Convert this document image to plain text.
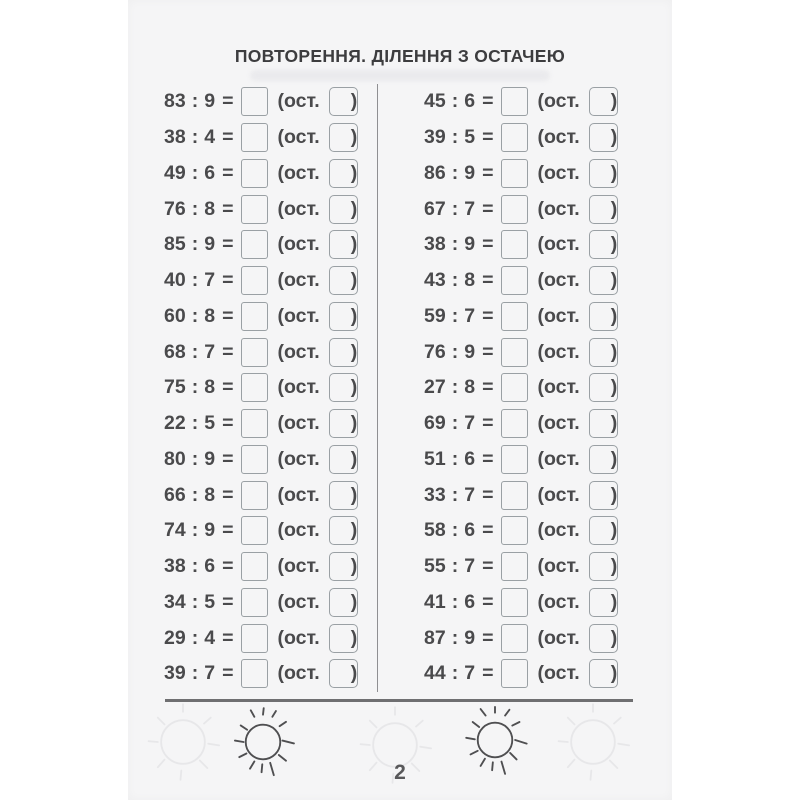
ПОВТОРЕННЯ. ДІЛЕННЯ З ОСТАЧЕЮ
83 : 9 = (ост. )
38 : 4 = (ост. )
49 : 6 = (ост. )
76 : 8 = (ост. )
85 : 9 = (ост. )
40 : 7 = (ост. )
60 : 8 = (ост. )
68 : 7 = (ост. )
75 : 8 = (ост. )
22 : 5 = (ост. )
80 : 9 = (ост. )
66 : 8 = (ост. )
74 : 9 = (ост. )
38 : 6 = (ост. )
34 : 5 = (ост. )
29 : 4 = (ост. )
39 : 7 = (ост. )
45 : 6 = (ост. )
39 : 5 = (ост. )
86 : 9 = (ост. )
67 : 7 = (ост. )
38 : 9 = (ост. )
43 : 8 = (ост. )
59 : 7 = (ост. )
76 : 9 = (ост. )
27 : 8 = (ост. )
69 : 7 = (ост. )
51 : 6 = (ост. )
33 : 7 = (ост. )
58 : 6 = (ост. )
55 : 7 = (ост. )
41 : 6 = (ост. )
87 : 9 = (ост. )
44 : 7 = (ост. )
2
